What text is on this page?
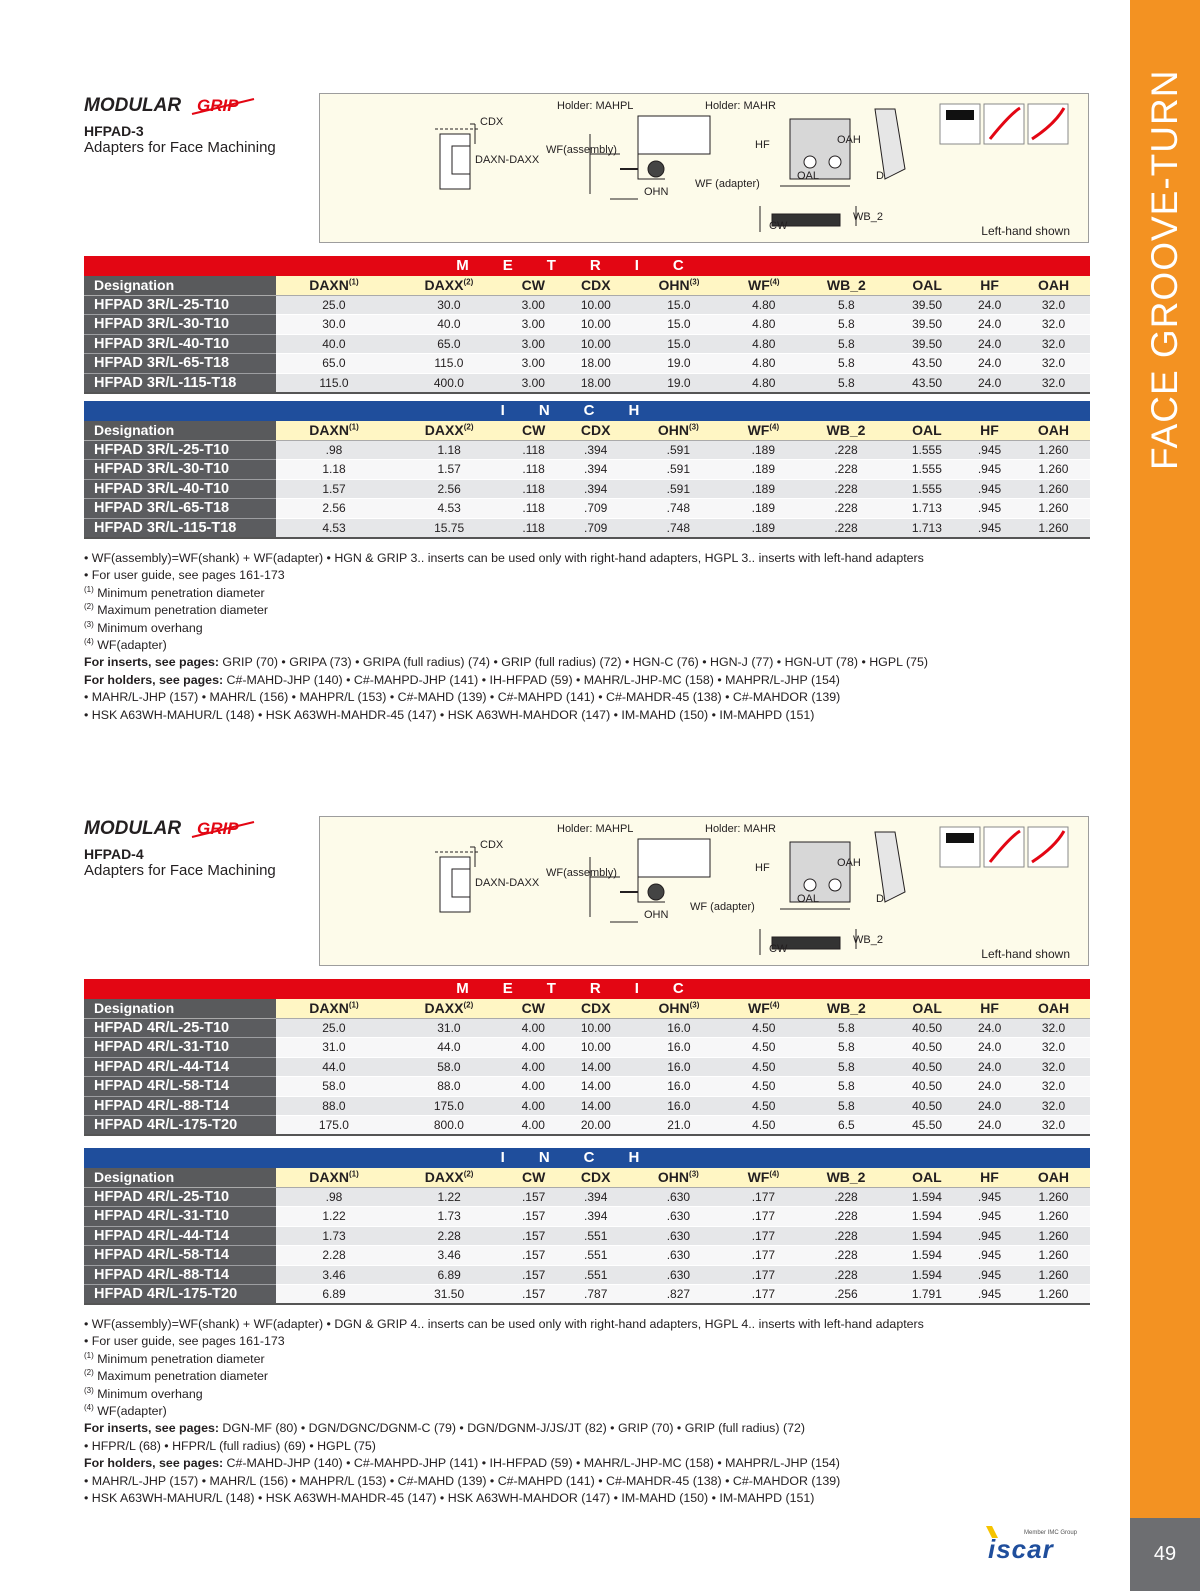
FACE GROOVE-TURN
49
MODULAR GRIP
HFPAD-3
Adapters for Face Machining
Holder: MAHPL	Holder: MAHR
CDX
DAXN-DAXX
WF(assembly)
OHN
WF (adapter)
HF	OAH
OAL	D
WB_2
CW	Left-hand shown
METRIC										
Designation	DAXN$^{(1)}$	DAXX$^{(2)}$	CW	CDX	OHN$^{(3)}$	WF$^{(4)}$	WB_2	OAL	HF	OAH
HFPAD 3R/L-25-T10	25.0	30.0	3.00	10.00	15.0	4.80	5.8	39.50	24.0	32.0
HFPAD 3R/L-30-T10	30.0	40.0	3.00	10.00	15.0	4.80	5.8	39.50	24.0	32.0
HFPAD 3R/L-40-T10	40.0	65.0	3.00	10.00	15.0	4.80	5.8	39.50	24.0	32.0
HFPAD 3R/L-65-T18	65.0	115.0	3.00	18.00	19.0	4.80	5.8	43.50	24.0	32.0
HFPAD 3R/L-115-T18	115.0	400.0	3.00	18.00	19.0	4.80	5.8	43.50	24.0	32.0
INCH										
Designation	DAXN$^{(1)}$	DAXX$^{(2)}$	CW	CDX	OHN$^{(3)}$	WF$^{(4)}$	WB_2	OAL	HF	OAH
HFPAD 3R/L-25-T10	.98	1.18	.118	.394	.591	.189	.228	1.555	.945	1.260
HFPAD 3R/L-30-T10	1.18	1.57	.118	.394	.591	.189	.228	1.555	.945	1.260
HFPAD 3R/L-40-T10	1.57	2.56	.118	.394	.591	.189	.228	1.555	.945	1.260
HFPAD 3R/L-65-T18	2.56	4.53	.118	.709	.748	.189	.228	1.713	.945	1.260
HFPAD 3R/L-115-T18	4.53	15.75	.118	.709	.748	.189	.228	1.713	.945	1.260
• WF(assembly)=WF(shank) + WF(adapter) • HGN & GRIP 3.. inserts can be used only with right-hand adapters, HGPL 3.. inserts with left-hand adapters
• For user guide, see pages 161-173
$^{(1)}$ Minimum penetration diameter
$^{(2)}$ Maximum penetration diameter
$^{(3)}$ Minimum overhang
$^{(4)}$ WF(adapter)
For inserts, see pages: GRIP (70) • GRIPA (73) • GRIPA (full radius) (74) • GRIP (full radius) (72) • HGN-C (76) • HGN-J (77) • HGN-UT (78) • HGPL (75)
For holders, see pages: C#-MAHD-JHP (140) • C#-MAHPD-JHP (141) • IH-HFPAD (59) • MAHR/L-JHP-MC (158) • MAHPR/L-JHP (154)
• MAHR/L-JHP (157) • MAHR/L (156) • MAHPR/L (153) • C#-MAHD (139) • C#-MAHPD (141) • C#-MAHDR-45 (138) • C#-MAHDOR (139)
• HSK A63WH-MAHUR/L (148) • HSK A63WH-MAHDR-45 (147) • HSK A63WH-MAHDOR (147) • IM-MAHD (150) • IM-MAHPD (151)
MODULAR GRIP
HFPAD-4
Adapters for Face Machining
Holder: MAHPL	Holder: MAHR
CDX
DAXN-DAXX
WF(assembly)
OHN
WF (adapter)
HF	OAH
OAL	D
WB_2
CW	Left-hand shown
METRIC										
Designation	DAXN$^{(1)}$	DAXX$^{(2)}$	CW	CDX	OHN$^{(3)}$	WF$^{(4)}$	WB_2	OAL	HF	OAH
HFPAD 4R/L-25-T10	25.0	31.0	4.00	10.00	16.0	4.50	5.8	40.50	24.0	32.0
HFPAD 4R/L-31-T10	31.0	44.0	4.00	10.00	16.0	4.50	5.8	40.50	24.0	32.0
HFPAD 4R/L-44-T14	44.0	58.0	4.00	14.00	16.0	4.50	5.8	40.50	24.0	32.0
HFPAD 4R/L-58-T14	58.0	88.0	4.00	14.00	16.0	4.50	5.8	40.50	24.0	32.0
HFPAD 4R/L-88-T14	88.0	175.0	4.00	14.00	16.0	4.50	5.8	40.50	24.0	32.0
HFPAD 4R/L-175-T20	175.0	800.0	4.00	20.00	21.0	4.50	6.5	45.50	24.0	32.0
INCH										
Designation	DAXN$^{(1)}$	DAXX$^{(2)}$	CW	CDX	OHN$^{(3)}$	WF$^{(4)}$	WB_2	OAL	HF	OAH
HFPAD 4R/L-25-T10	.98	1.22	.157	.394	.630	.177	.228	1.594	.945	1.260
HFPAD 4R/L-31-T10	1.22	1.73	.157	.394	.630	.177	.228	1.594	.945	1.260
HFPAD 4R/L-44-T14	1.73	2.28	.157	.551	.630	.177	.228	1.594	.945	1.260
HFPAD 4R/L-58-T14	2.28	3.46	.157	.551	.630	.177	.228	1.594	.945	1.260
HFPAD 4R/L-88-T14	3.46	6.89	.157	.551	.630	.177	.228	1.594	.945	1.260
HFPAD 4R/L-175-T20	6.89	31.50	.157	.787	.827	.177	.256	1.791	.945	1.260
• WF(assembly)=WF(shank) + WF(adapter) • DGN & GRIP 4.. inserts can be used only with right-hand adapters, HGPL 4.. inserts with left-hand adapters
• For user guide, see pages 161-173
$^{(1)}$ Minimum penetration diameter
$^{(2)}$ Maximum penetration diameter
$^{(3)}$ Minimum overhang
$^{(4)}$ WF(adapter)
For inserts, see pages: DGN-MF (80) • DGN/DGNC/DGNM-C (79) • DGN/DGNM-J/JS/JT (82) • GRIP (70) • GRIP (full radius) (72)
• HFPR/L (68) • HFPR/L (full radius) (69) • HGPL (75)
For holders, see pages: C#-MAHD-JHP (140) • C#-MAHPD-JHP (141) • IH-HFPAD (59) • MAHR/L-JHP-MC (158) • MAHPR/L-JHP (154)
• MAHR/L-JHP (157) • MAHR/L (156) • MAHPR/L (153) • C#-MAHD (139) • C#-MAHPD (141) • C#-MAHDR-45 (138) • C#-MAHDOR (139)
• HSK A63WH-MAHUR/L (148) • HSK A63WH-MAHDR-45 (147) • HSK A63WH-MAHDOR (147) • IM-MAHD (150) • IM-MAHPD (151)
Member IMC Group
iscar
